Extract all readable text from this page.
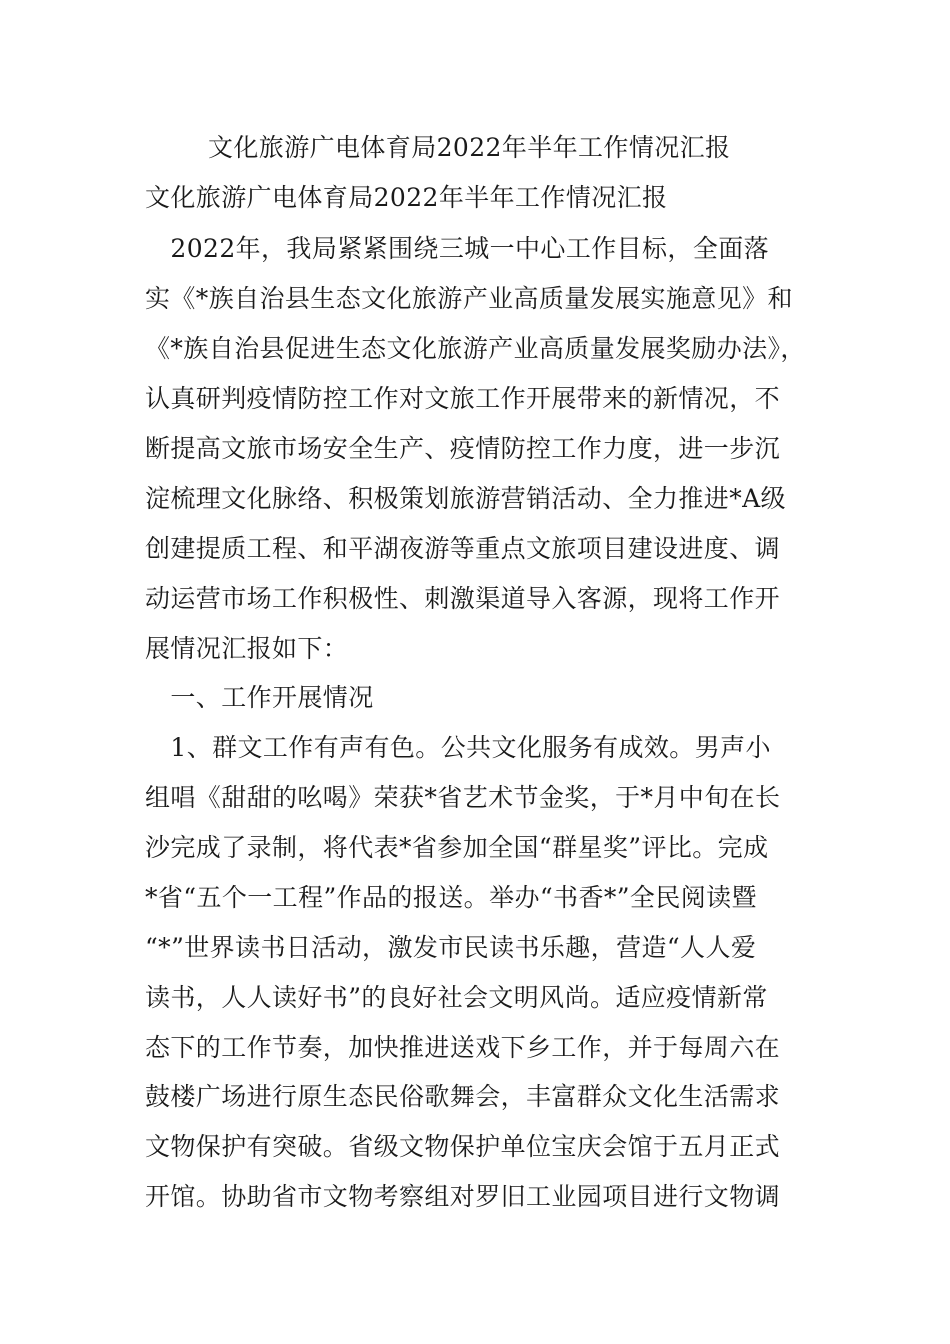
文化旅游广电体育局2022年半年工作情况汇报
文化旅游广电体育局2022年半年工作情况汇报
　2022年，我局紧紧围绕三城一中心工作目标，全面落
实《*族自治县生态文化旅游产业高质量发展实施意见》和
《*族自治县促进生态文化旅游产业高质量发展奖励办法》，
认真研判疫情防控工作对文旅工作开展带来的新情况，不
断提高文旅市场安全生产、疫情防控工作力度，进一步沉
淀梳理文化脉络、积极策划旅游营销活动、全力推进*A级
创建提质工程、和平湖夜游等重点文旅项目建设进度、调
动运营市场工作积极性、刺激渠道导入客源，现将工作开
展情况汇报如下：
　一、工作开展情况
　1、群文工作有声有色。公共文化服务有成效。男声小
组唱《甜甜的吆喝》荣获*省艺术节金奖，于*月中旬在长
沙完成了录制，将代表*省参加全国“群星奖”评比。完成
*省“五个一工程”作品的报送。举办“书香*”全民阅读暨
“*”世界读书日活动，激发市民读书乐趣，营造“人人爱
读书，人人读好书”的良好社会文明风尚。适应疫情新常
态下的工作节奏，加快推进送戏下乡工作，并于每周六在
鼓楼广场进行原生态民俗歌舞会，丰富群众文化生活需求
文物保护有突破。省级文物保护单位宝庆会馆于五月正式
开馆。协助省市文物考察组对罗旧工业园项目进行文物调
